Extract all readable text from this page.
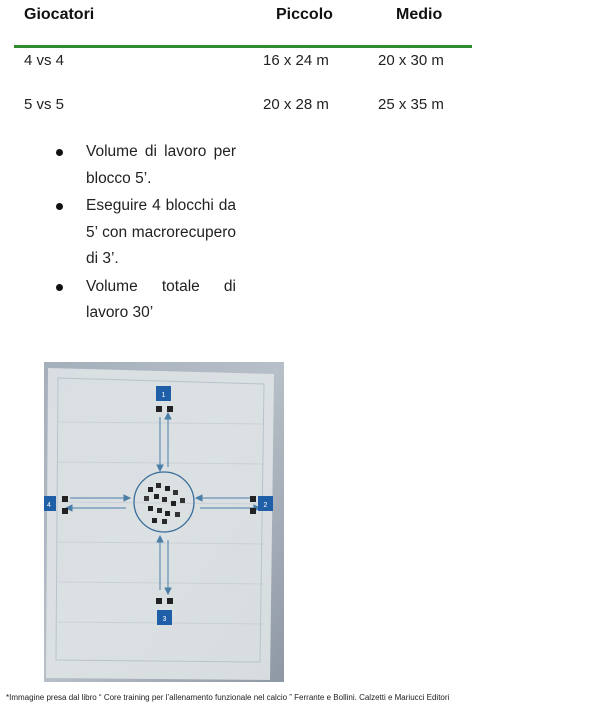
Giocatori	Piccolo	Medio
4 vs 4	16 x 24 m	20 x 30 m
5 vs 5	20 x 28 m	25 x 35 m
Volume di lavoro per blocco 5’.
Eseguire 4 blocchi da 5’ con macrorecupero di 3’.
Volume totale di lavoro 30’
1
2
3
4
*Immagine presa dal libro “ Core training per l’allenamento funzionale nel calcio ” Ferrante e Bollini. Calzetti e Mariucci Editori
